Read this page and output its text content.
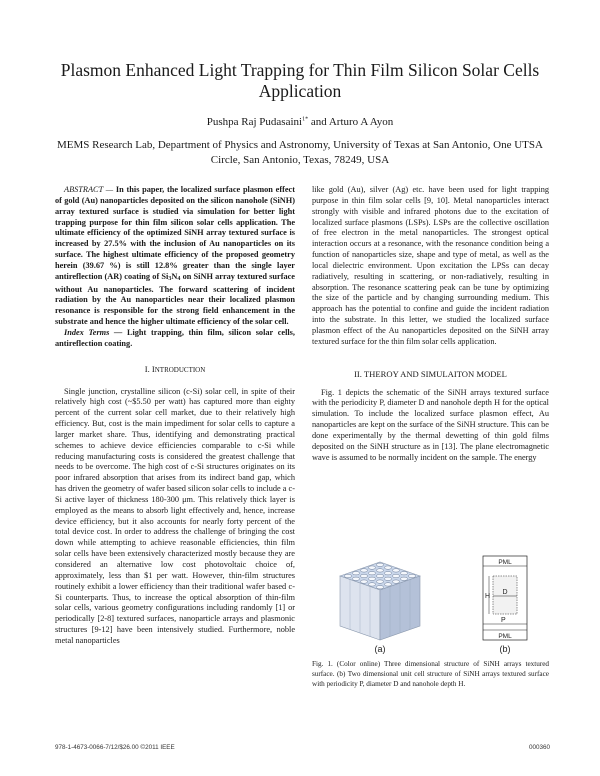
Plasmon Enhanced Light Trapping for Thin Film Silicon Solar Cells Application
Pushpa Raj Pudasaini$^{1*}$ and Arturo A Ayon
MEMS Research Lab, Department of Physics and Astronomy, University of Texas at San Antonio, One UTSA Circle, San Antonio, Texas, 78249, USA

ABSTRACT — In this paper, the localized surface plasmon effect of gold (Au) nanoparticles deposited on the silicon nanohole (SiNH) array textured surface is studied via simulation for better light trapping purpose for thin film silicon solar cells application. The ultimate efficiency of the optimized SiNH array textured surface is increased by 27.5% with the inclusion of Au nanoparticles on its surface. The highest ultimate efficiency of the proposed geometry herein (39.67 %) is still 12.8% greater than the single layer antireflection (AR) coating of $Si_3N_4$ on SiNH array textured surface without Au nanoparticles. The forward scattering of incident radiation by the Au nanoparticles near their localized plasmon resonance is responsible for the strong field enhancement in the substrate and hence the higher ultimate efficiency of the solar cell.

Index Terms — Light trapping, thin film, silicon solar cells, antireflection coating.

I. INTRODUCTION

Single junction, crystalline silicon (c-Si) solar cell, in spite of their relatively high cost (~$5.50 per watt) has captured more than eighty percent of the current solar cell market, due to their relatively high efficiency. But, cost is the main impediment for solar cells to capture a larger market share. Thus, identifying and demonstrating practical schemes to achieve device efficiencies comparable to c-Si while reducing manufacturing costs is considered the greatest challenge that needs to be overcome. The high cost of c-Si structures originates on its poor infrared absorption that arises from its indirect band gap, which has driven the geometry of wafer based silicon solar cells to include a c-Si active layer of thickness 180-300 μm. This relatively thick layer is employed as the means to absorb light effectively and, hence, increase device efficiency, but it also accounts for nearly forty percent of the total device cost. In order to address the challenge of bringing the cost down while attempting to achieve reasonable efficiencies, thin film solar cells have been extensively characterized mostly because they are considered an alternative low cost photovoltaic choice of, approximately, less than $1 per watt. However, thin-film structures routinely exhibit a lower efficiency than their traditional wafer based c-Si counterparts. Thus, to increase the optical absorption of thin-film solar cells, various geometry configurations including randomly [1] or periodically [2-8] textured surfaces, nanoparticle arrays and plasmonic structures [9-12] have been intensively studied. Furthermore, noble metal nanoparticles

like gold (Au), silver (Ag) etc. have been used for light trapping purpose in thin film solar cells [9, 10]. Metal nanoparticles interact strongly with visible and infrared photons due to the excitation of localized surface plasmons (LSPs). LSPs are the collective oscillation of free electron in the metal nanoparticles. The strongest optical interaction occurs at a resonance, with the resonance condition being a function of nanoparticles size, shape and type of metal, as well as the local dielectric environment. Upon excitation the LPSs can decay radiatively, resulting in scattering, or non-radiatively, resulting in absorption. The resonance scattering peak can be tune by optimizing the size of the particle and by changing surrounding medium. This approach has the potential to confine and guide the incident radiation into the substrate. In this letter, we studied the localized surface plasmon effect of the Au nanoparticles deposited on the SiNH array textured surface for the thin film solar cells application.

II. THEROY AND SIMULAITON MODEL

Fig. 1 depicts the schematic of the SiNH arrays textured surface with the periodicity P, diameter D and nanohole depth H for the optical simulation. To include the localized surface plasmon effect, Au nanoparticles are kept on the surface of the SiNH structure. This can be done experimentally by the thermal dewetting of thin gold films deposited on the SiNH structure as in [13]. The plane electromagnetic wave is assumed to be normally incident on the sample. The energy

(a)
PML
PML
H
D
P
(b)
Fig. 1. (Color online) Three dimensional structure of SiNH arrays textured surface. (b) Two dimensional unit cell structure of SiNH arrays textured surface with periodicity P, diameter D and nanohole depth H.
978-1-4673-0066-7/12/$26.00 ©2011 IEEE	000360
